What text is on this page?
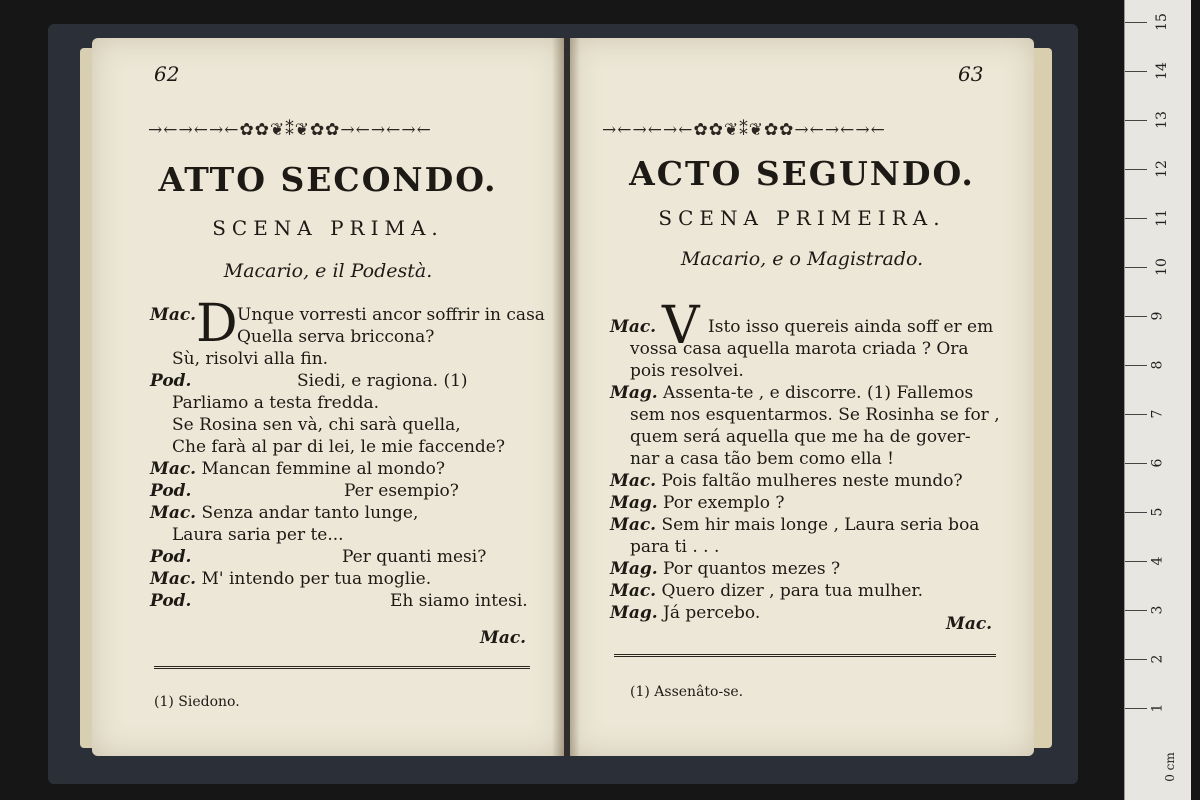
62
→←→←→←✿✿❦⁑❦✿✿→←→←→←
ATTO SECONDO.
SCENA PRIMA.
Macario, e il Podestà.
D
Mac. Unque vorresti ancor soffrir in casa
Quella serva briccona?
Sù, risolvi alla fin.
Pod.	Siedi, e ragiona. (1)
Parliamo a testa fredda.
Se Rosina sen và, chi sarà quella,
Che farà al par di lei, le mie faccende?
Mac. Mancan femmine al mondo?
Pod.	Per esempio?
Mac. Senza andar tanto lunge,
Laura saria per te...
Pod.	Per quanti mesi?
Mac. M' intendo per tua moglie.
Pod.	Eh siamo intesi.
Mac.
(1) Siedono.
63
→←→←→←✿✿❦⁑❦✿✿→←→←→←
ACTO SEGUNDO.
SCENA PRIMEIRA.
Macario, e o Magistrado.
V
Mac.	Isto isso quereis ainda soff er em
vossa casa aquella marota criada ? Ora
pois resolvei.
Mag. Assenta-te , e discorre. (1) Fallemos
sem nos esquentarmos. Se Rosinha se for ,
quem será aquella que me ha de gover-
nar a casa tão bem como ella !
Mac. Pois faltão mulheres neste mundo?
Mag. Por exemplo ?
Mac. Sem hir mais longe , Laura seria boa
para ti . . .
Mag. Por quantos mezes ?
Mac. Quero dizer , para tua mulher.
Mag. Já percebo.
Mac.
(1) Assenâto-se.
15
14
13
12
11
10
9
8
7
6
5
4
3
2
1
0 cm
